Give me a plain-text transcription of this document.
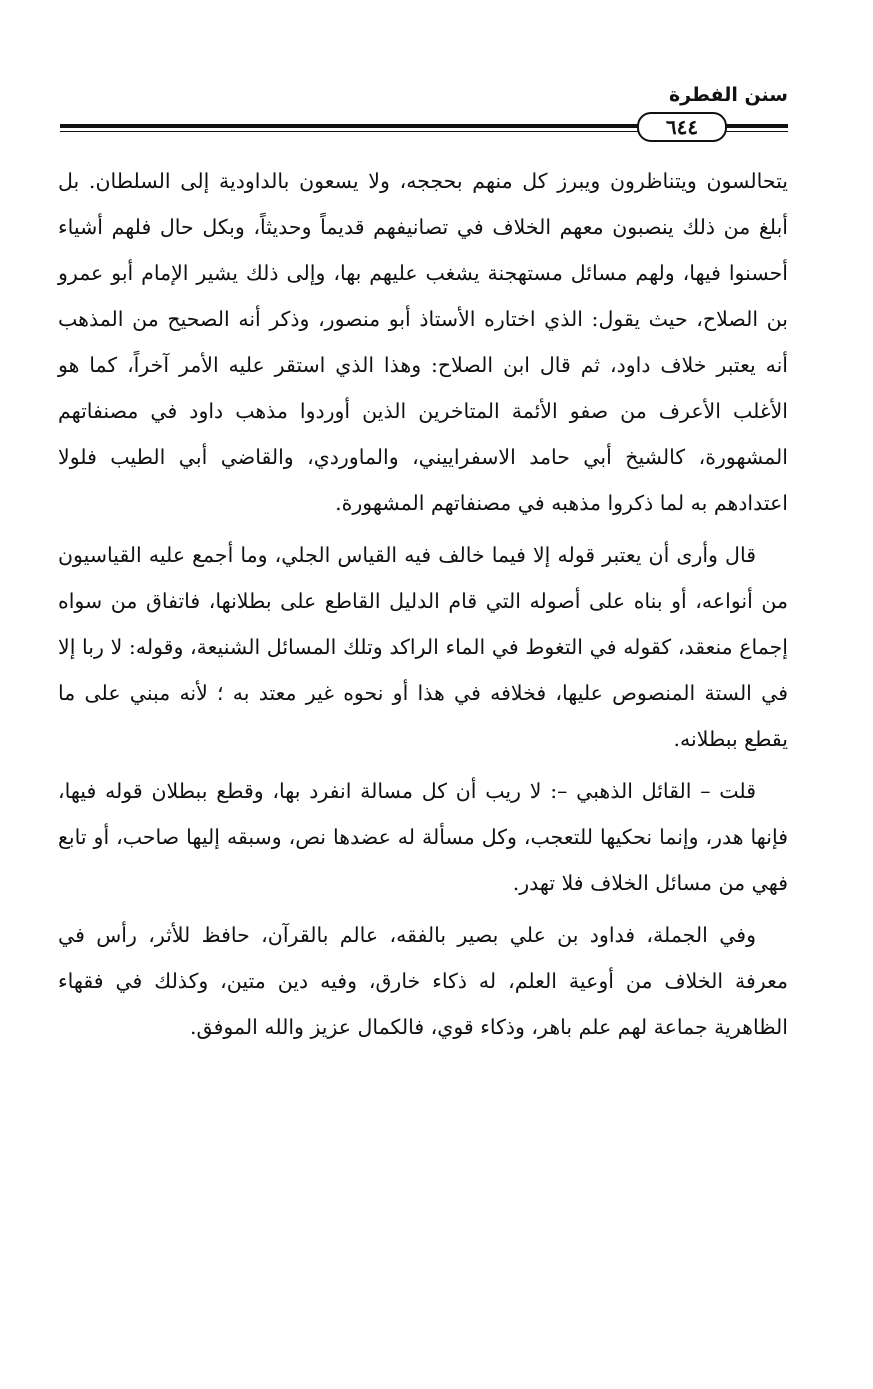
سنن الفطرة
٦٤٤

يتحالسون ويتناظرون ويبرز كل منهم بحججه، ولا يسعون بالداودية إلى السلطان. بل أبلغ من ذلك ينصبون معهم الخلاف في تصانيفهم قديماً وحديثاً، وبكل حال فلهم أشياء أحسنوا فيها، ولهم مسائل مستهجنة يشغب عليهم بها، وإلى ذلك يشير الإمام أبو عمرو بن الصلاح، حيث يقول: الذي اختاره الأستاذ أبو منصور، وذكر أنه الصحيح من المذهب أنه يعتبر خلاف داود، ثم قال ابن الصلاح: وهذا الذي استقر عليه الأمر آخراً، كما هو الأغلب الأعرف من صفو الأئمة المتاخرين الذين أوردوا مذهب داود في مصنفاتهم المشهورة، كالشيخ أبي حامد الاسفراييني، والماوردي، والقاضي أبي الطيب فلولا اعتدادهم به لما ذكروا مذهبه في مصنفاتهم المشهورة.

قال وأرى أن يعتبر قوله إلا فيما خالف فيه القياس الجلي، وما أجمع عليه القياسيون من أنواعه، أو بناه على أصوله التي قام الدليل القاطع على بطلانها، فاتفاق من سواه إجماع منعقد، كقوله في التغوط في الماء الراكد وتلك المسائل الشنيعة، وقوله: لا ربا إلا في الستة المنصوص عليها، فخلافه في هذا أو نحوه غير معتد به ؛ لأنه مبني على ما يقطع ببطلانه.

قلت – القائل الذهبي –: لا ريب أن كل مسالة انفرد بها، وقطع ببطلان قوله فيها، فإنها هدر، وإنما نحكيها للتعجب، وكل مسألة له عضدها نص، وسبقه إليها صاحب، أو تابع فهي من مسائل الخلاف فلا تهدر.

وفي الجملة، فداود بن علي بصير بالفقه، عالم بالقرآن، حافظ للأثر، رأس في معرفة الخلاف من أوعية العلم، له ذكاء خارق، وفيه دين متين، وكذلك في فقهاء الظاهرية جماعة لهم علم باهر، وذكاء قوي، فالكمال عزيز والله الموفق.
